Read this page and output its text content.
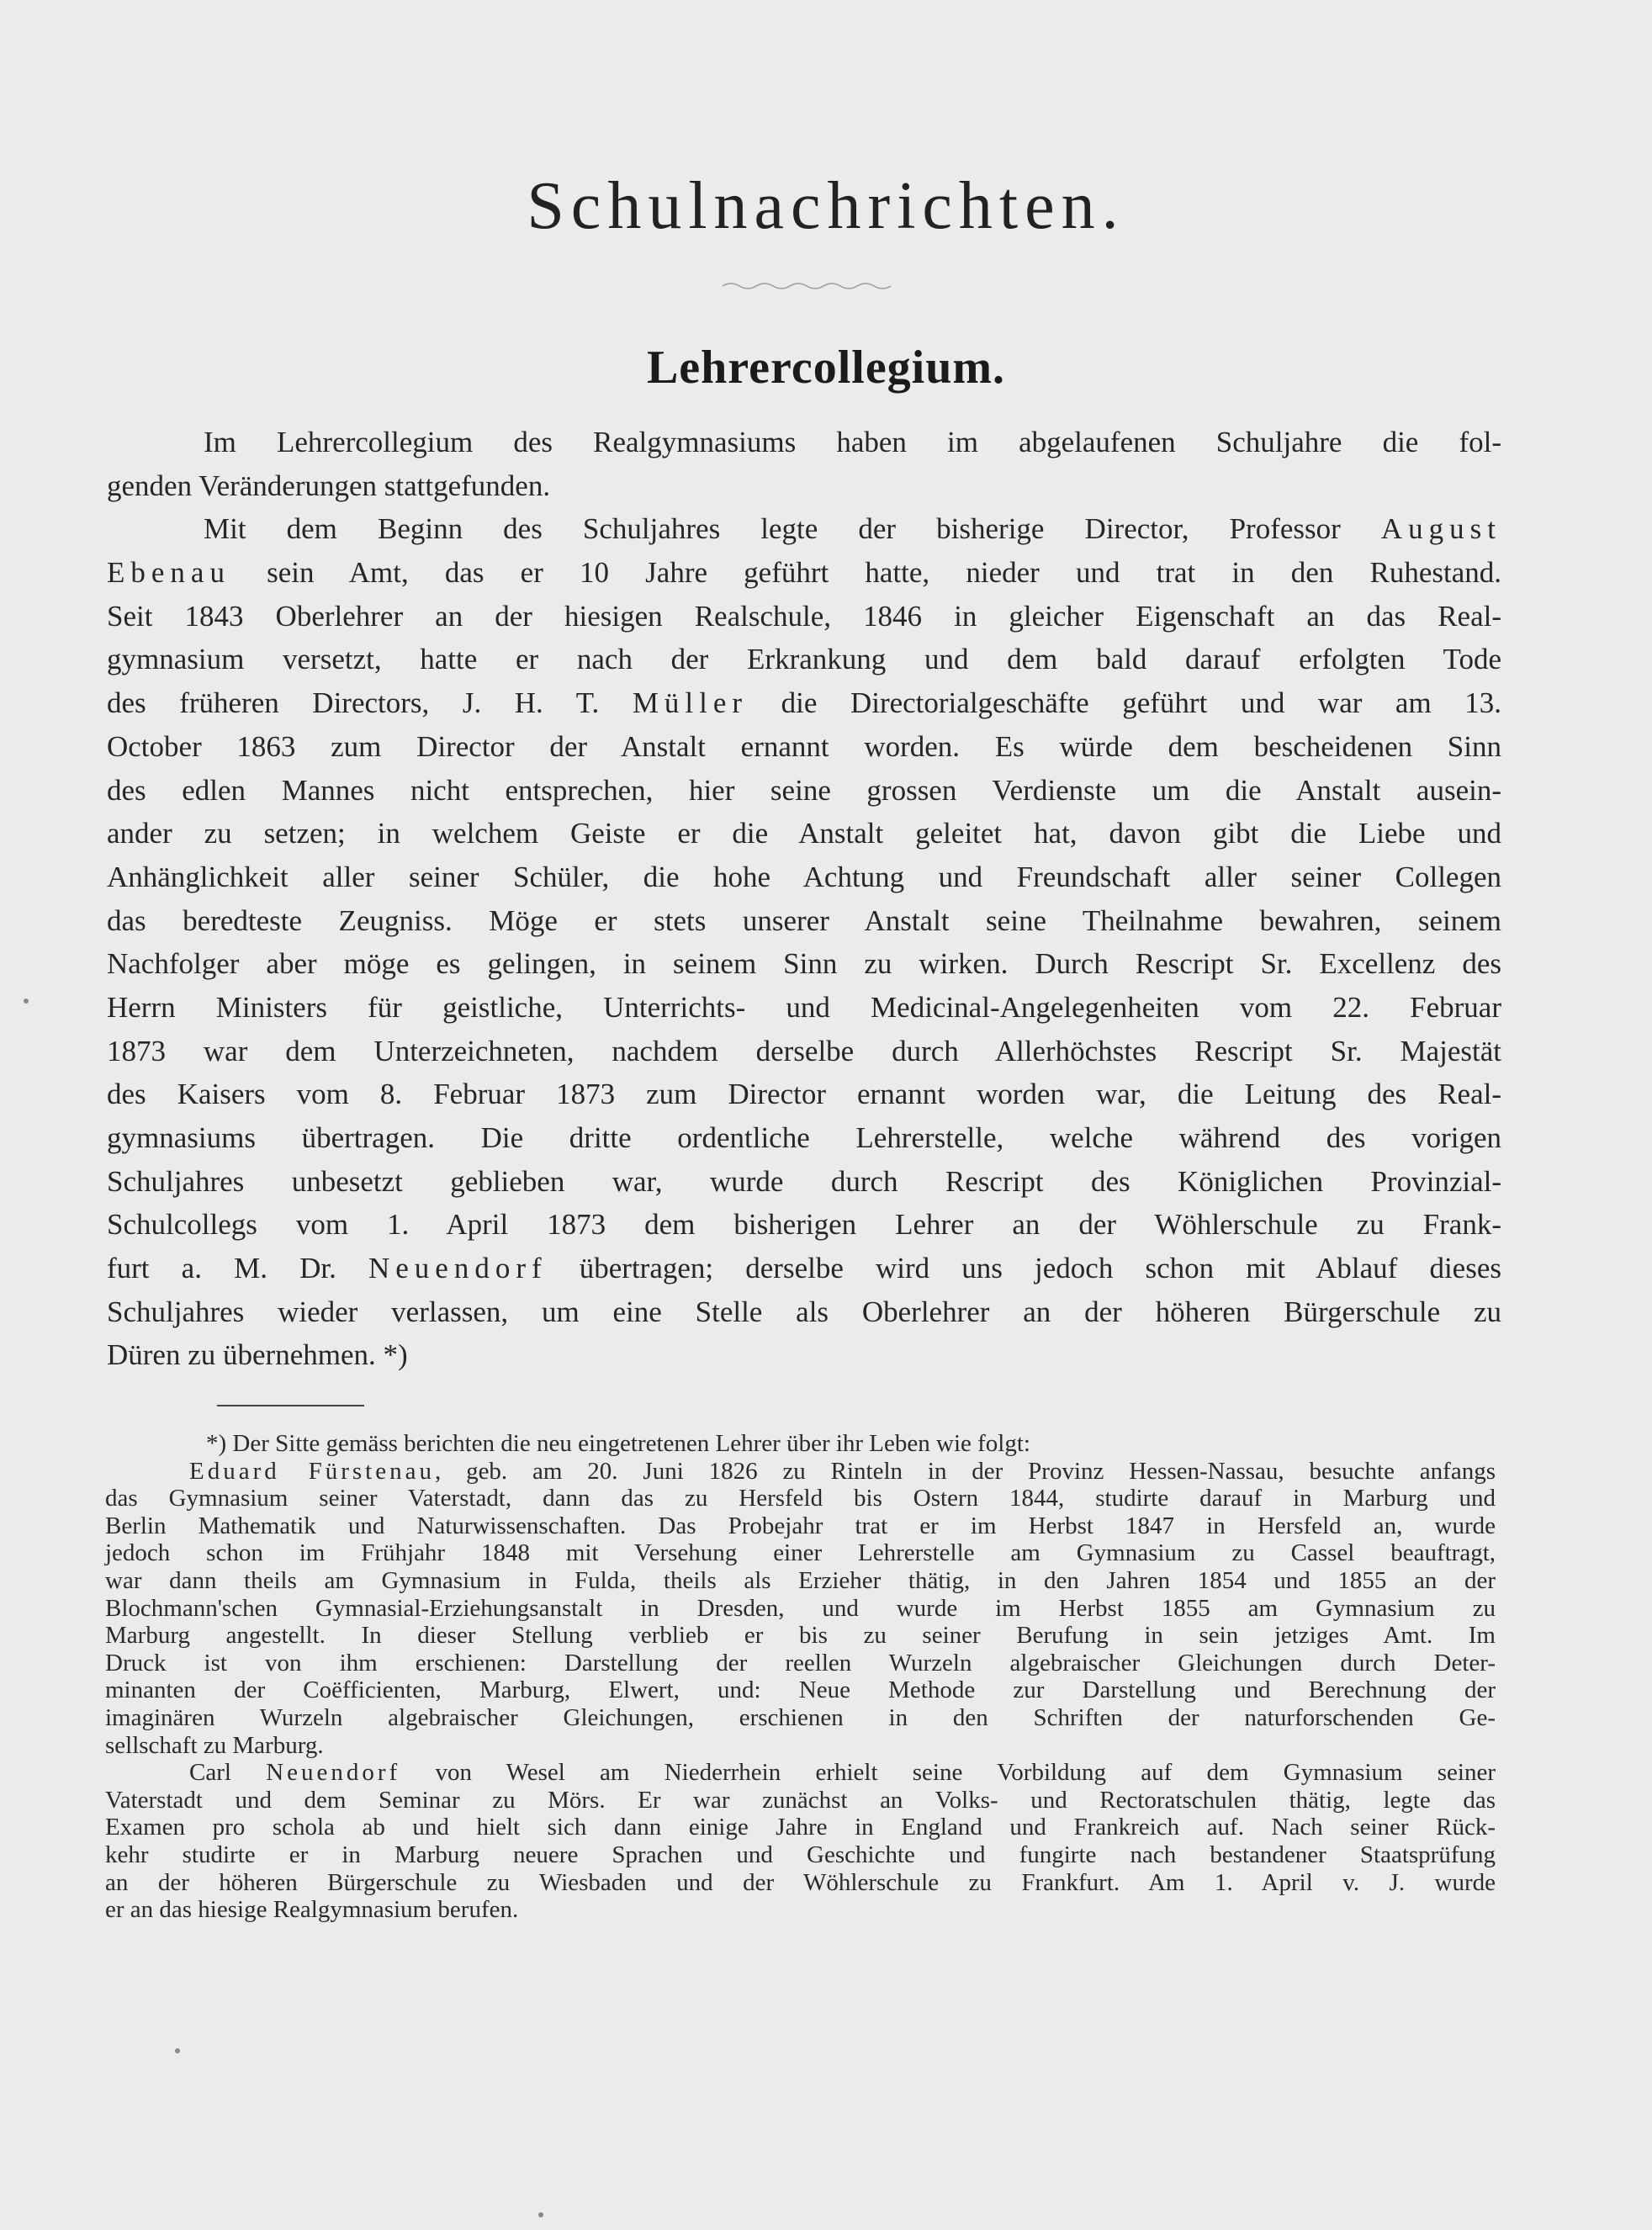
Schulnachrichten.
Lehrercollegium.
Im Lehrercollegium des Realgymnasiums haben im abgelaufenen Schuljahre die fol-
genden Veränderungen stattgefunden.
Mit dem Beginn des Schuljahres legte der bisherige Director, Professor August
Ebenau sein Amt, das er 10 Jahre geführt hatte, nieder und trat in den Ruhestand.
Seit 1843 Oberlehrer an der hiesigen Realschule, 1846 in gleicher Eigenschaft an das Real-
gymnasium versetzt, hatte er nach der Erkrankung und dem bald darauf erfolgten Tode
des früheren Directors, J. H. T. Müller die Directorialgeschäfte geführt und war am 13.
October 1863 zum Director der Anstalt ernannt worden. Es würde dem bescheidenen Sinn
des edlen Mannes nicht entsprechen, hier seine grossen Verdienste um die Anstalt ausein-
ander zu setzen; in welchem Geiste er die Anstalt geleitet hat, davon gibt die Liebe und
Anhänglichkeit aller seiner Schüler, die hohe Achtung und Freundschaft aller seiner Collegen
das beredteste Zeugniss. Möge er stets unserer Anstalt seine Theilnahme bewahren, seinem
Nachfolger aber möge es gelingen, in seinem Sinn zu wirken. Durch Rescript Sr. Excellenz des
Herrn Ministers für geistliche, Unterrichts- und Medicinal-Angelegenheiten vom 22. Februar
1873 war dem Unterzeichneten, nachdem derselbe durch Allerhöchstes Rescript Sr. Majestät
des Kaisers vom 8. Februar 1873 zum Director ernannt worden war, die Leitung des Real-
gymnasiums übertragen. Die dritte ordentliche Lehrerstelle, welche während des vorigen
Schuljahres unbesetzt geblieben war, wurde durch Rescript des Königlichen Provinzial-
Schulcollegs vom 1. April 1873 dem bisherigen Lehrer an der Wöhlerschule zu Frank-
furt a. M. Dr. Neuendorf übertragen; derselbe wird uns jedoch schon mit Ablauf dieses
Schuljahres wieder verlassen, um eine Stelle als Oberlehrer an der höheren Bürgerschule zu
Düren zu übernehmen. *)
*) Der Sitte gemäss berichten die neu eingetretenen Lehrer über ihr Leben wie folgt:
Eduard Fürstenau, geb. am 20. Juni 1826 zu Rinteln in der Provinz Hessen-Nassau, besuchte anfangs
das Gymnasium seiner Vaterstadt, dann das zu Hersfeld bis Ostern 1844, studirte darauf in Marburg und
Berlin Mathematik und Naturwissenschaften. Das Probejahr trat er im Herbst 1847 in Hersfeld an, wurde
jedoch schon im Frühjahr 1848 mit Versehung einer Lehrerstelle am Gymnasium zu Cassel beauftragt,
war dann theils am Gymnasium in Fulda, theils als Erzieher thätig, in den Jahren 1854 und 1855 an der
Blochmann'schen Gymnasial-Erziehungsanstalt in Dresden, und wurde im Herbst 1855 am Gymnasium zu
Marburg angestellt. In dieser Stellung verblieb er bis zu seiner Berufung in sein jetziges Amt. Im
Druck ist von ihm erschienen: Darstellung der reellen Wurzeln algebraischer Gleichungen durch Deter-
minanten der Coëfficienten, Marburg, Elwert, und: Neue Methode zur Darstellung und Berechnung der
imaginären Wurzeln algebraischer Gleichungen, erschienen in den Schriften der naturforschenden Ge-
sellschaft zu Marburg.
Carl Neuendorf von Wesel am Niederrhein erhielt seine Vorbildung auf dem Gymnasium seiner
Vaterstadt und dem Seminar zu Mörs. Er war zunächst an Volks- und Rectoratschulen thätig, legte das
Examen pro schola ab und hielt sich dann einige Jahre in England und Frankreich auf. Nach seiner Rück-
kehr studirte er in Marburg neuere Sprachen und Geschichte und fungirte nach bestandener Staatsprüfung
an der höheren Bürgerschule zu Wiesbaden und der Wöhlerschule zu Frankfurt. Am 1. April v. J. wurde
er an das hiesige Realgymnasium berufen.
